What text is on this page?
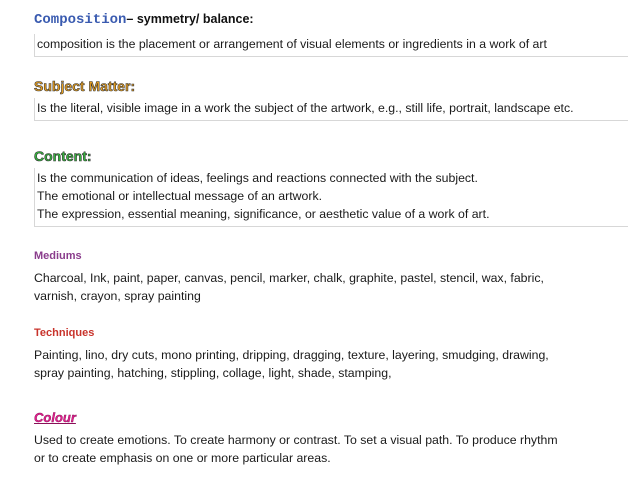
Composition– symmetry/ balance:
composition is the placement or arrangement of visual elements or ingredients in a work of art
Subject Matter:
Is the literal, visible image in a work the subject of the artwork, e.g., still life, portrait, landscape etc.
Content:
Is the communication of ideas, feelings and reactions connected with the subject.
The emotional or intellectual message of an artwork.
The expression, essential meaning, significance, or aesthetic value of a work of art.
Mediums
Charcoal, Ink, paint, paper, canvas, pencil, marker, chalk, graphite, pastel, stencil, wax, fabric,
varnish, crayon, spray painting
Techniques
Painting, lino, dry cuts, mono printing, dripping, dragging, texture, layering, smudging, drawing,
spray painting, hatching, stippling, collage, light, shade, stamping,
Colour
Used to create emotions. To create harmony or contrast. To set a visual path. To produce rhythm
or to create emphasis on one or more particular areas.
